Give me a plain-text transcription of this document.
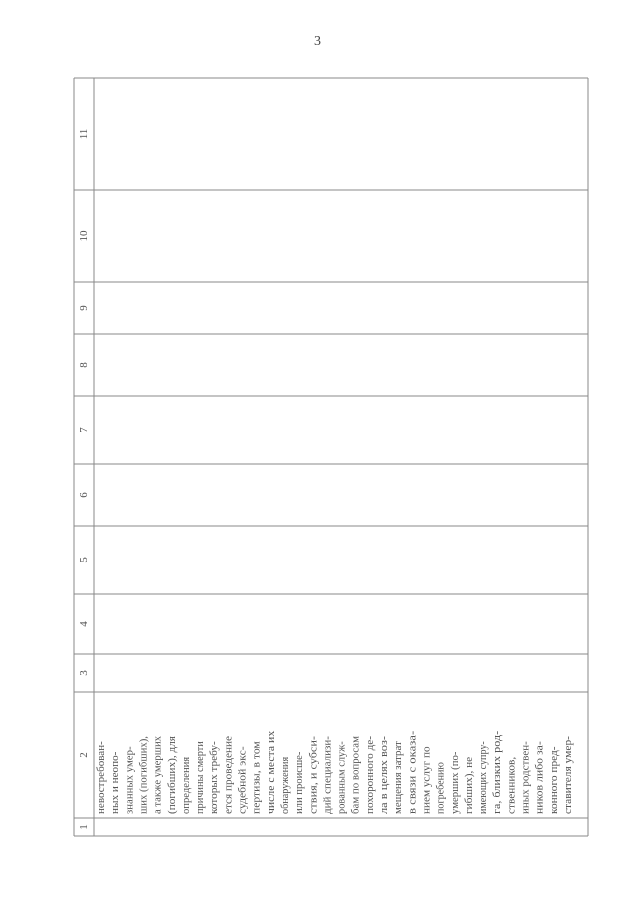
3
11
10
9
8
7
6
5
4
3
2
1
невостребован- ных и неопо- знанных умер- ших (погибших), а также умерших (погибших), для определения причины смерти которых требу- ется проведение судебной экс- пертизы, в том числе с места их обнаружения или происше- ствия, и субси- дий специализи- рованным служ- бам по вопросам похоронного де- ла в целях воз- мещения затрат в связи с оказа- нием услуг по погребению умерших (по- гибших), не имеющих супру- га, близких род- ственников, иных родствен- ников либо за- конного пред- ставителя умер-
